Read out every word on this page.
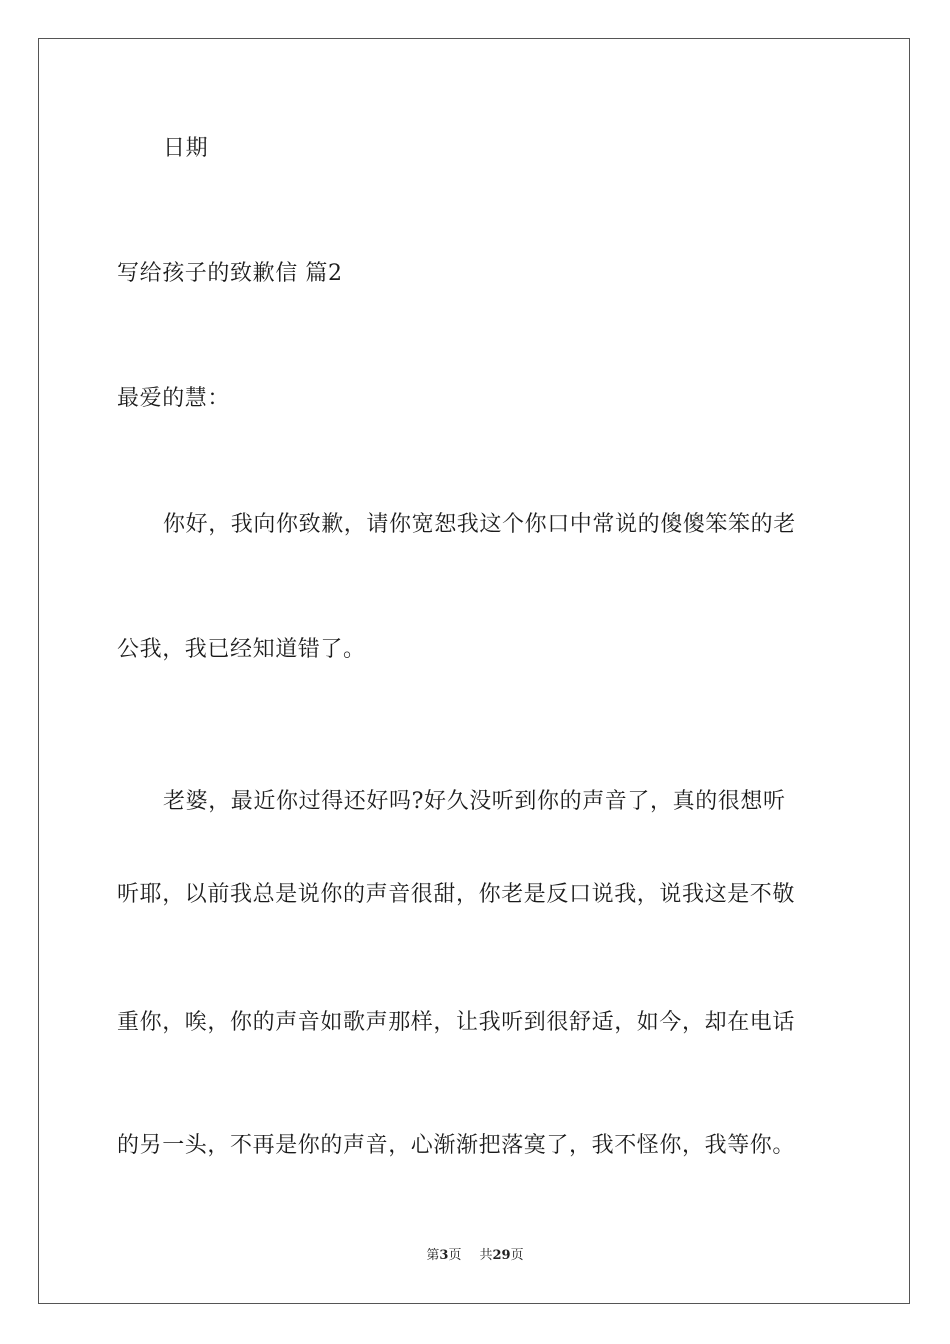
日期
写给孩子的致歉信 篇2
最爱的慧：
你好，我向你致歉，请你宽恕我这个你口中常说的傻傻笨笨的老
公我，我已经知道错了。
老婆，最近你过得还好吗?好久没听到你的声音了，真的很想听
听耶，以前我总是说你的声音很甜，你老是反口说我，说我这是不敬
重你，唉，你的声音如歌声那样，让我听到很舒适，如今，却在电话
的另一头，不再是你的声音，心渐渐把落寞了，我不怪你，我等你。
第3页 共29页
